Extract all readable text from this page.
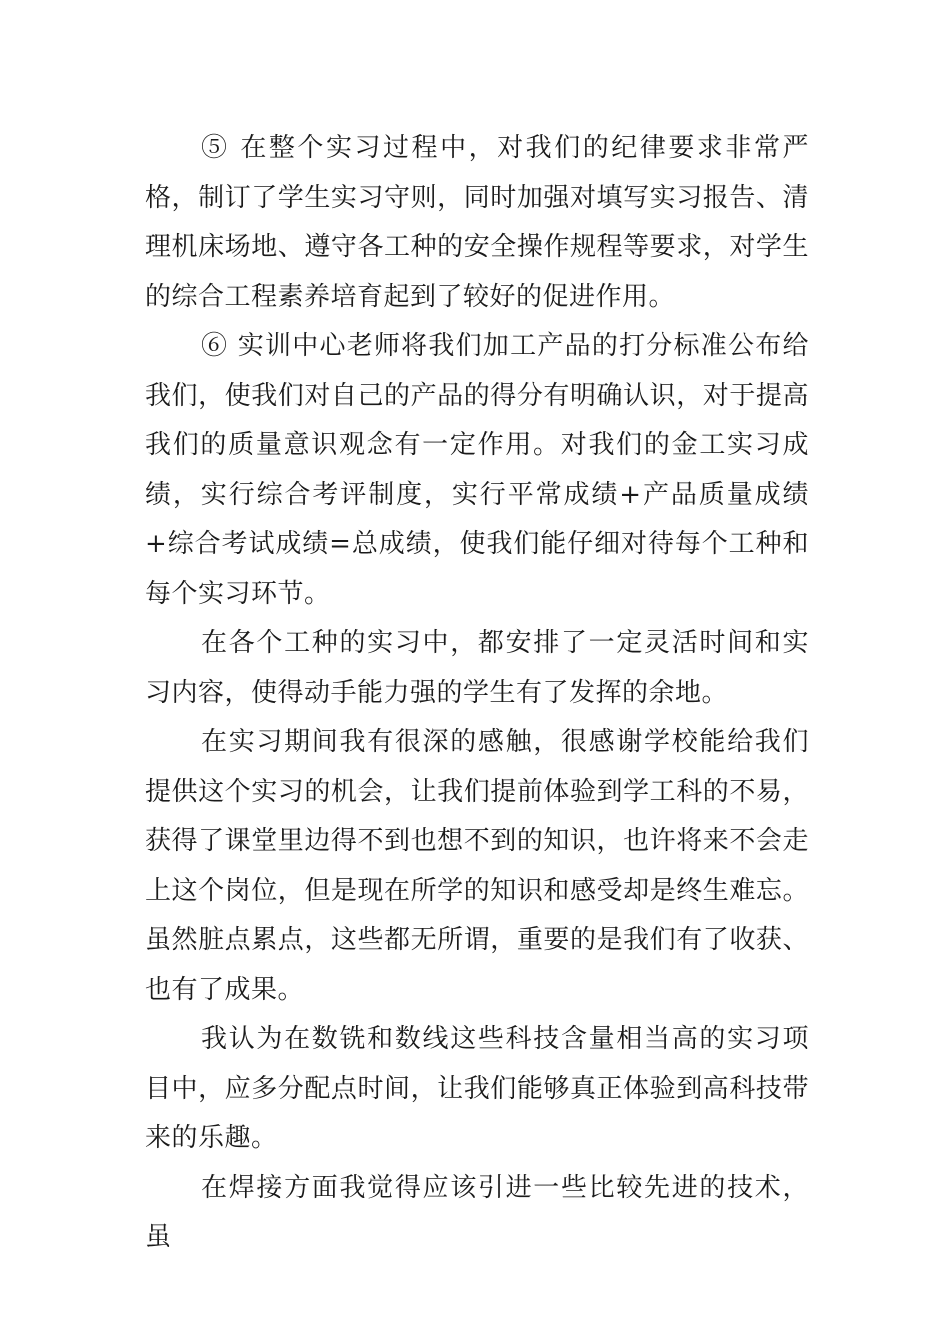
⑤ 在整个实习过程中，对我们的纪律要求非常严格，制订了学生实习守则，同时加强对填写实习报告、清理机床场地、遵守各工种的安全操作规程等要求，对学生的综合工程素养培育起到了较好的促进作用。

⑥ 实训中心老师将我们加工产品的打分标准公布给我们，使我们对自己的产品的得分有明确认识，对于提高我们的质量意识观念有一定作用。对我们的金工实习成绩，实行综合考评制度，实行平常成绩+产品质量成绩+综合考试成绩=总成绩，使我们能仔细对待每个工种和每个实习环节。

在各个工种的实习中，都安排了一定灵活时间和实习内容，使得动手能力强的学生有了发挥的余地。

在实习期间我有很深的感触，很感谢学校能给我们提供这个实习的机会，让我们提前体验到学工科的不易，获得了课堂里边得不到也想不到的知识，也许将来不会走上这个岗位，但是现在所学的知识和感受却是终生难忘。虽然脏点累点，这些都无所谓，重要的是我们有了收获、也有了成果。

我认为在数铣和数线这些科技含量相当高的实习项目中，应多分配点时间，让我们能够真正体验到高科技带来的乐趣。

在焊接方面我觉得应该引进一些比较先进的技术，虽
